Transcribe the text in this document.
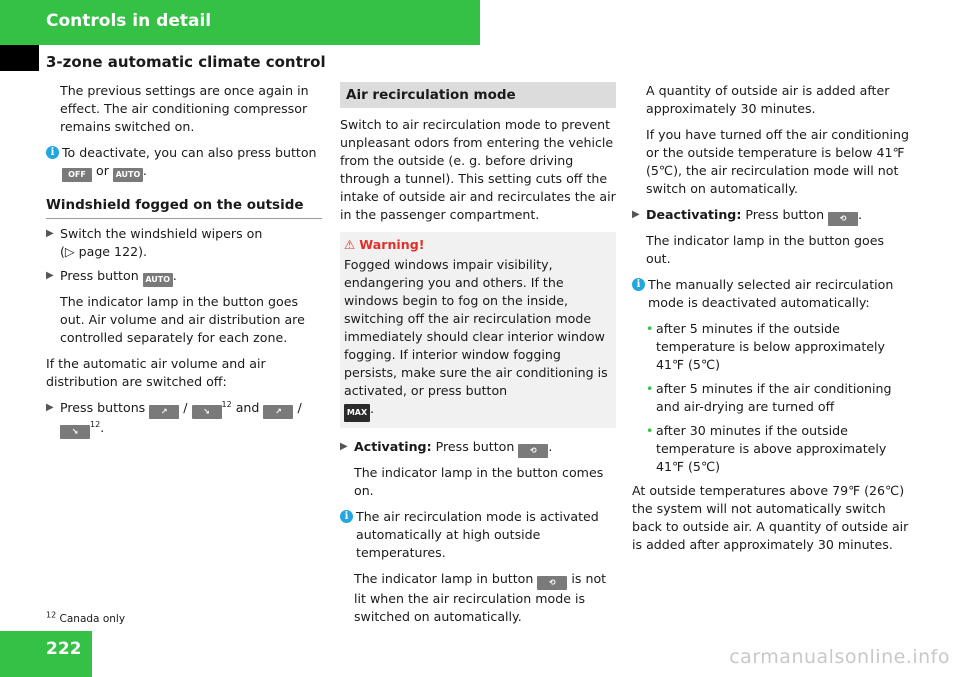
Controls in detail
3-zone automatic climate control

The previous settings are once again in effect. The air conditioning compressor remains switched on.

i To deactivate, you can also press button OFF or AUTO .
Windshield fogged on the outside
▶ Switch the windshield wipers on
(▷ page 122).
▶ Press button AUTO .

The indicator lamp in the button goes out. Air volume and air distribution are controlled separately for each zone.

If the automatic air volume and air distribution are switched off:

▶ Press buttons ↗ / ↘$^{12}$ and ↗ /
↘$^{12}$.
Air recirculation mode

Switch to air recirculation mode to prevent unpleasant odors from entering the vehicle from the outside (e. g. before driving through a tunnel). This setting cuts off the intake of outside air and recirculates the air in the passenger compartment.

⚠ Warning!
Fogged windows impair visibility, endangering you and others. If the windows begin to fog on the inside, switching off the air recirculation mode immediately should clear interior window fogging. If interior window fogging persists, make sure the air conditioning is activated, or press button
MAX .
▶ Activating: Press button ⟲ .

The indicator lamp in the button comes on.

i The air recirculation mode is activated automatically at high outside temperatures.

The indicator lamp in button ⟲ is not lit when the air recirculation mode is switched on automatically.

A quantity of outside air is added after approximately 30 minutes.

If you have turned off the air conditioning or the outside temperature is below 41℉ (5℃), the air recirculation mode will not switch on automatically.

▶ Deactivating: Press button ⟲ .

The indicator lamp in the button goes out.

i The manually selected air recirculation mode is deactivated automatically:
• after 5 minutes if the outside temperature is below approximately 41℉ (5℃)
• after 5 minutes if the air conditioning and air-drying are turned off
• after 30 minutes if the outside temperature is above approximately 41℉ (5℃)

At outside temperatures above 79℉ (26℃) the system will not automatically switch back to outside air. A quantity of outside air is added after approximately 30 minutes.

$^{12}$ Canada only
222	carmanualsonline.info
